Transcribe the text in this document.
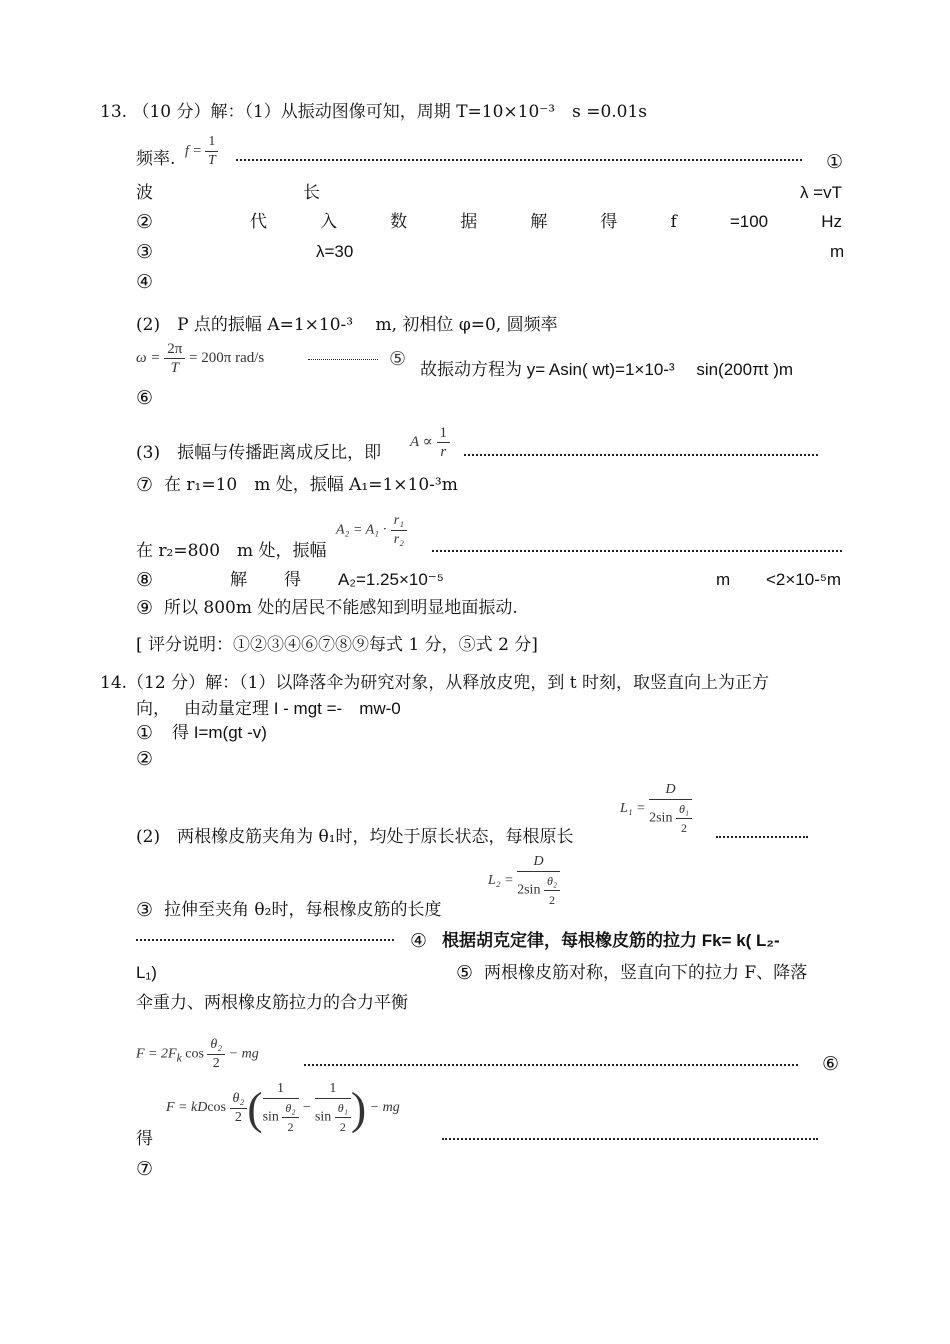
13. （10 分）解：（1）从振动图像可知，周期 T=10×10⁻³　s =0.01s
频率. $f = \frac{1}{T}$	①
波	长	λ =vT
②	代	入	数	据	解	得	f	=100	Hz
③	λ=30	m
④
(2)　P 点的振幅 A=1×10-³　 m, 初相位 φ=0, 圆频率
$\omega = \frac{2\pi}{T} = 200\pi$ rad/s	⑤ 故振动方程为 y= Asin( wt)=1×10-³　 sin(200πt )m
⑥
(3)　振幅与传播距离成反比，即
$A \propto \frac{1}{r}$
⑦ 在 r₁=10　m 处，振幅 A₁=1×10-³m
$A_2 = A_1 \cdot \frac{\text{r₁}}{\text{r₂}}$
在 r₂=800　m 处，振幅
⑧	解 得 A₂=1.25×10⁻⁵	m <2×10-⁵m
⑨ 所以 800m 处的居民不能感知到明显地面振动.
[ 评分说明：①②③④⑥⑦⑧⑨每式 1 分，⑤式 2 分]
14.（12 分）解：（1）以降落伞为研究对象，从释放皮兜，到 t 时刻，取竖直向上为正方
向， 由动量定理 I - mgt =-　mw-0
① 得 I=m(gt -v)
②
$L_1 = \frac{D}{2\sin \frac{\text{θ₁}}{2}}$
(2)　两根橡皮筋夹角为 θ₁时，均处于原长状态，每根原长
$L_2 = \frac{D}{2\sin \frac{\text{θ₂}}{2}}$
③ 拉伸至夹角 θ₂时，每根橡皮筋的长度
④ 根据胡克定律，每根橡皮筋的拉力 Fk= k( L₂-
L₁)	⑤ 两根橡皮筋对称，竖直向下的拉力 F、降落
伞重力、两根橡皮筋拉力的合力平衡
$F = 2F_k$ $\cos \frac{\text{θ₂}}{2}$ − mg	⑥
F = kDcos $\frac{\text{θ₂}}{2}$ ( $\frac{1}{\sin \frac{\text{θ₂}}{2}} - \frac{1}{\sin \frac{\text{θ₁}}{2}}$ ) − mg
得
⑦
